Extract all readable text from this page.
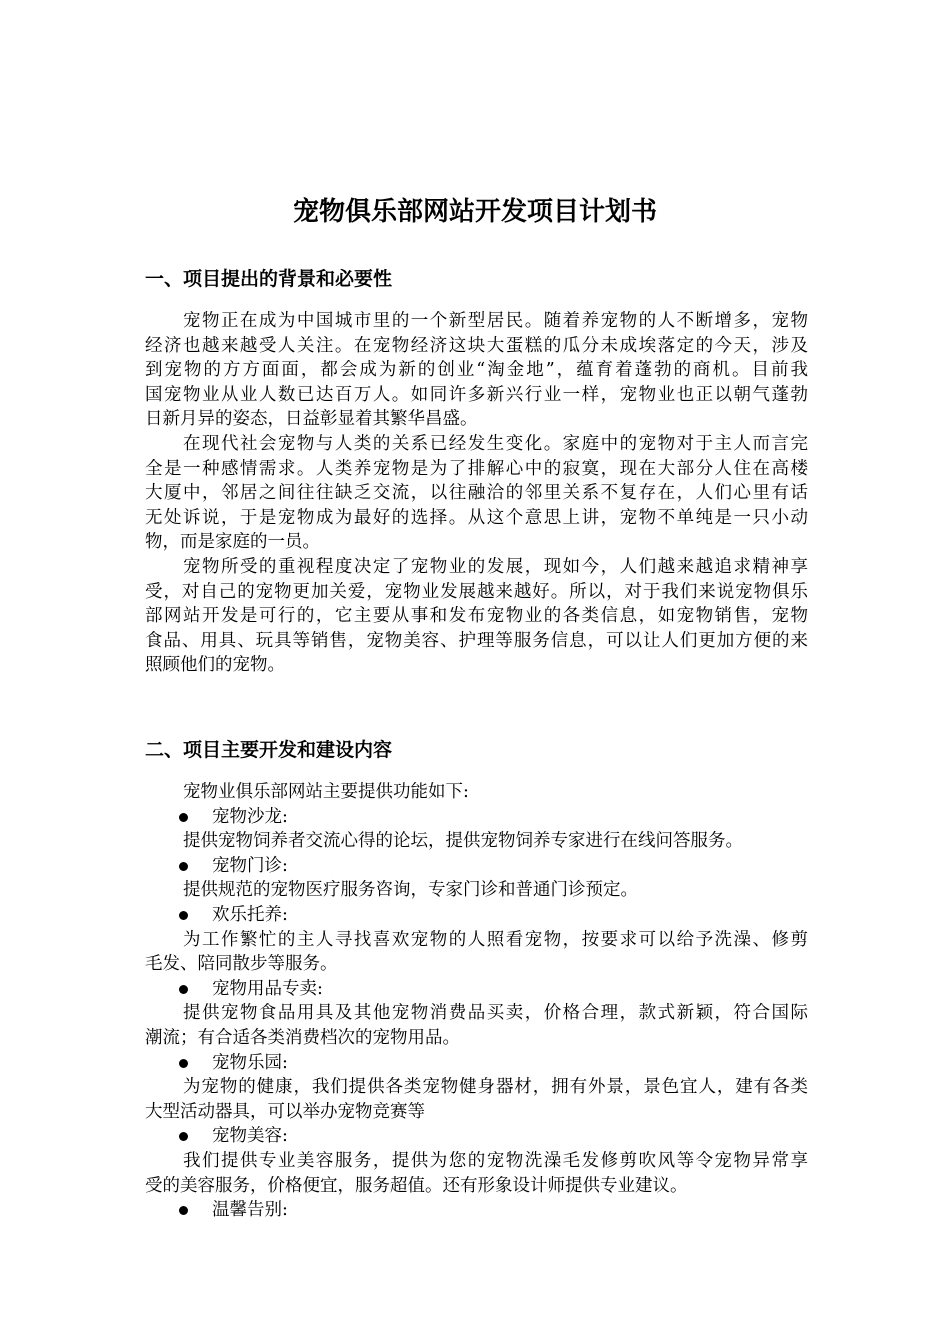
宠物俱乐部网站开发项目计划书
一、项目提出的背景和必要性
宠物正在成为中国城市里的一个新型居民。随着养宠物的人不断增多，宠物
经济也越来越受人关注。在宠物经济这块大蛋糕的瓜分未成埃落定的今天，涉及
到宠物的方方面面，都会成为新的创业“淘金地”，蕴育着蓬勃的商机。目前我
国宠物业从业人数已达百万人。如同许多新兴行业一样，宠物业也正以朝气蓬勃
日新月异的姿态，日益彰显着其繁华昌盛。
在现代社会宠物与人类的关系已经发生变化。家庭中的宠物对于主人而言完
全是一种感情需求。人类养宠物是为了排解心中的寂寞，现在大部分人住在高楼
大厦中，邻居之间往往缺乏交流，以往融洽的邻里关系不复存在，人们心里有话
无处诉说，于是宠物成为最好的选择。从这个意思上讲，宠物不单纯是一只小动
物，而是家庭的一员。
宠物所受的重视程度决定了宠物业的发展，现如今，人们越来越追求精神享
受，对自己的宠物更加关爱，宠物业发展越来越好。所以，对于我们来说宠物俱乐
部网站开发是可行的，它主要从事和发布宠物业的各类信息，如宠物销售，宠物
食品、用具、玩具等销售，宠物美容、护理等服务信息，可以让人们更加方便的来
照顾他们的宠物。
二、项目主要开发和建设内容
宠物业俱乐部网站主要提供功能如下:
宠物沙龙:
提供宠物饲养者交流心得的论坛，提供宠物饲养专家进行在线问答服务。
宠物门诊:
提供规范的宠物医疗服务咨询，专家门诊和普通门诊预定。
欢乐托养:
为工作繁忙的主人寻找喜欢宠物的人照看宠物，按要求可以给予洗澡、修剪
毛发、陪同散步等服务。
宠物用品专卖:
提供宠物食品用具及其他宠物消费品买卖，价格合理，款式新颖，符合国际
潮流；有合适各类消费档次的宠物用品。
宠物乐园:
为宠物的健康，我们提供各类宠物健身器材，拥有外景，景色宜人，建有各类
大型活动器具，可以举办宠物竞赛等
宠物美容:
我们提供专业美容服务，提供为您的宠物洗澡毛发修剪吹风等令宠物异常享
受的美容服务，价格便宜，服务超值。还有形象设计师提供专业建议。
温馨告别:
